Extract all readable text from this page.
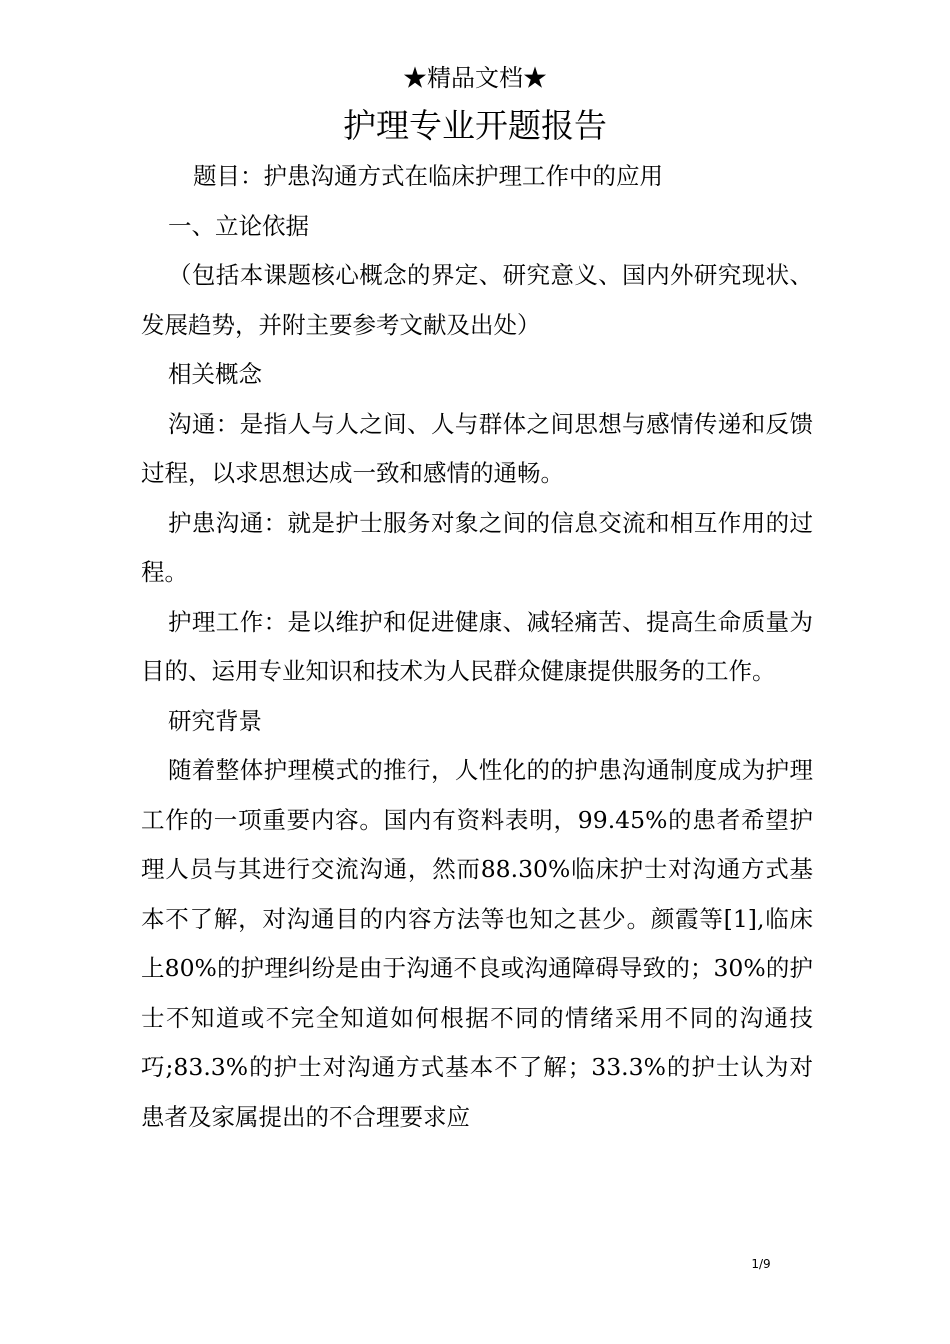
★精品文档★
护理专业开题报告

题目：护患沟通方式在临床护理工作中的应用

一、立论依据

（包括本课题核心概念的界定、研究意义、国内外研究现状、发展趋势，并附主要参考文献及出处）

相关概念

沟通：是指人与人之间、人与群体之间思想与感情传递和反馈过程，以求思想达成一致和感情的通畅。

护患沟通：就是护士服务对象之间的信息交流和相互作用的过程。

护理工作：是以维护和促进健康、减轻痛苦、提高生命质量为目的、运用专业知识和技术为人民群众健康提供服务的工作。

研究背景

随着整体护理模式的推行，人性化的的护患沟通制度成为护理工作的一项重要内容。国内有资料表明，99.45%的患者希望护理人员与其进行交流沟通，然而88.30%临床护士对沟通方式基本不了解，对沟通目的内容方法等也知之甚少。颜霞等[1],临床上80%的护理纠纷是由于沟通不良或沟通障碍导致的；30%的护士不知道或不完全知道如何根据不同的情绪采用不同的沟通技巧;83.3%的护士对沟通方式基本不了解；33.3%的护士认为对患者及家属提出的不合理要求应

1/9
